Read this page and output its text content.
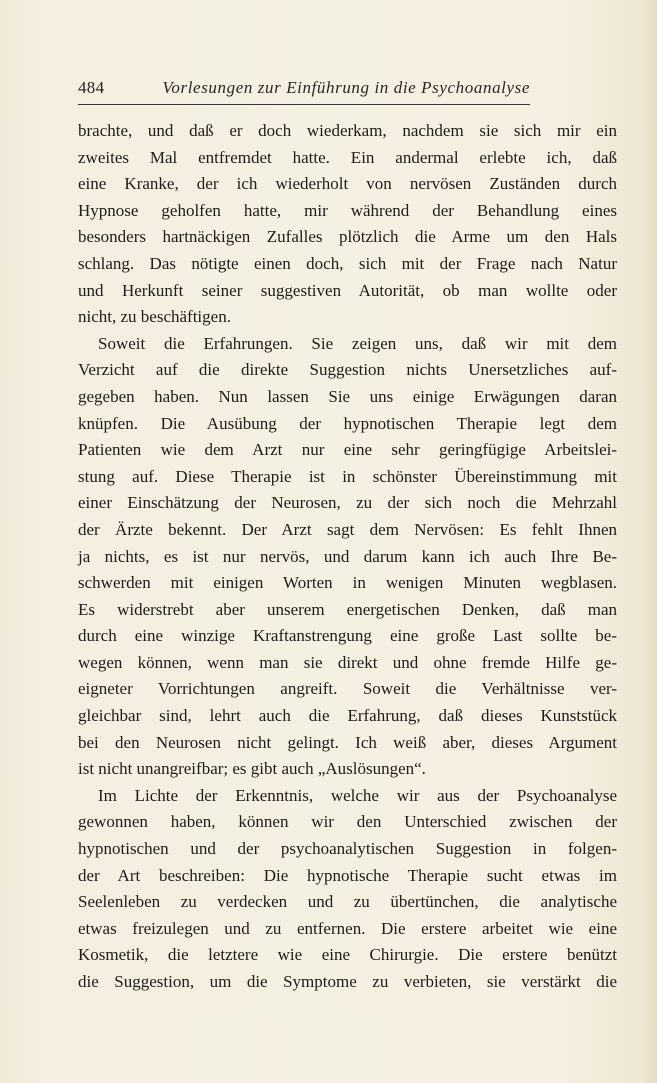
484	Vorlesungen zur Einführung in die Psychoanalyse
brachte, und daß er doch wiederkam, nachdem sie sich mir ein
zweites Mal entfremdet hatte. Ein andermal erlebte ich, daß
eine Kranke, der ich wiederholt von nervösen Zuständen durch
Hypnose geholfen hatte, mir während der Behandlung eines
besonders hartnäckigen Zufalles plötzlich die Arme um den Hals
schlang. Das nötigte einen doch, sich mit der Frage nach Natur
und Herkunft seiner suggestiven Autorität, ob man wollte oder
nicht, zu beschäftigen.
Soweit die Erfahrungen. Sie zeigen uns, daß wir mit dem
Verzicht auf die direkte Suggestion nichts Unersetzliches auf-
gegeben haben. Nun lassen Sie uns einige Erwägungen daran
knüpfen. Die Ausübung der hypnotischen Therapie legt dem
Patienten wie dem Arzt nur eine sehr geringfügige Arbeitslei-
stung auf. Diese Therapie ist in schönster Übereinstimmung mit
einer Einschätzung der Neurosen, zu der sich noch die Mehrzahl
der Ärzte bekennt. Der Arzt sagt dem Nervösen: Es fehlt Ihnen
ja nichts, es ist nur nervös, und darum kann ich auch Ihre Be-
schwerden mit einigen Worten in wenigen Minuten wegblasen.
Es widerstrebt aber unserem energetischen Denken, daß man
durch eine winzige Kraftanstrengung eine große Last sollte be-
wegen können, wenn man sie direkt und ohne fremde Hilfe ge-
eigneter Vorrichtungen angreift. Soweit die Verhältnisse ver-
gleichbar sind, lehrt auch die Erfahrung, daß dieses Kunststück
bei den Neurosen nicht gelingt. Ich weiß aber, dieses Argument
ist nicht unangreifbar; es gibt auch „Auslösungen“.
Im Lichte der Erkenntnis, welche wir aus der Psychoanalyse
gewonnen haben, können wir den Unterschied zwischen der
hypnotischen und der psychoanalytischen Suggestion in folgen-
der Art beschreiben: Die hypnotische Therapie sucht etwas im
Seelenleben zu verdecken und zu übertünchen, die analytische
etwas freizulegen und zu entfernen. Die erstere arbeitet wie eine
Kosmetik, die letztere wie eine Chirurgie. Die erstere benützt
die Suggestion, um die Symptome zu verbieten, sie verstärkt die
